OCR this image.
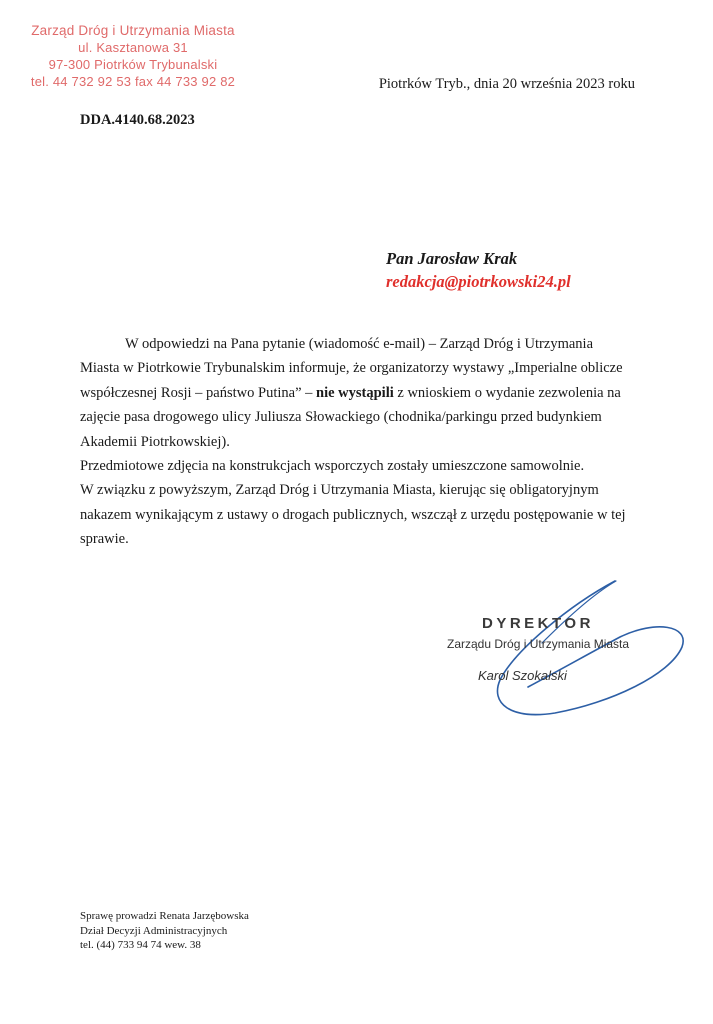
Zarząd Dróg i Utrzymania Miasta
ul. Kasztanowa 31
97-300 Piotrków Trybunalski
tel. 44 732 92 53 fax 44 733 92 82	Piotrków Tryb., dnia 20 września 2023 roku
DDA.4140.68.2023
Pan Jarosław Krak
redakcja@piotrkowski24.pl

W odpowiedzi na Pana pytanie (wiadomość e-mail) – Zarząd Dróg i Utrzymania

Miasta w Piotrkowie Trybunalskim informuje, że organizatorzy wystawy „Imperialne oblicze

współczesnej Rosji – państwo Putina” – nie wystąpili z wnioskiem o wydanie zezwolenia na

zajęcie pasa drogowego ulicy Juliusza Słowackiego (chodnika/parkingu przed budynkiem

Akademii Piotrkowskiej).

Przedmiotowe zdjęcia na konstrukcjach wsporczych zostały umieszczone samowolnie.

W związku z powyższym, Zarząd Dróg i Utrzymania Miasta, kierując się obligatoryjnym

nakazem wynikającym z ustawy o drogach publicznych, wszczął z urzędu postępowanie w tej

sprawie.

DYREKTOR
Zarządu Dróg i Utrzymania Miasta
Karol Szokalski
Sprawę prowadzi Renata Jarzębowska
Dział Decyzji Administracyjnych
tel. (44) 733 94 74 wew. 38
